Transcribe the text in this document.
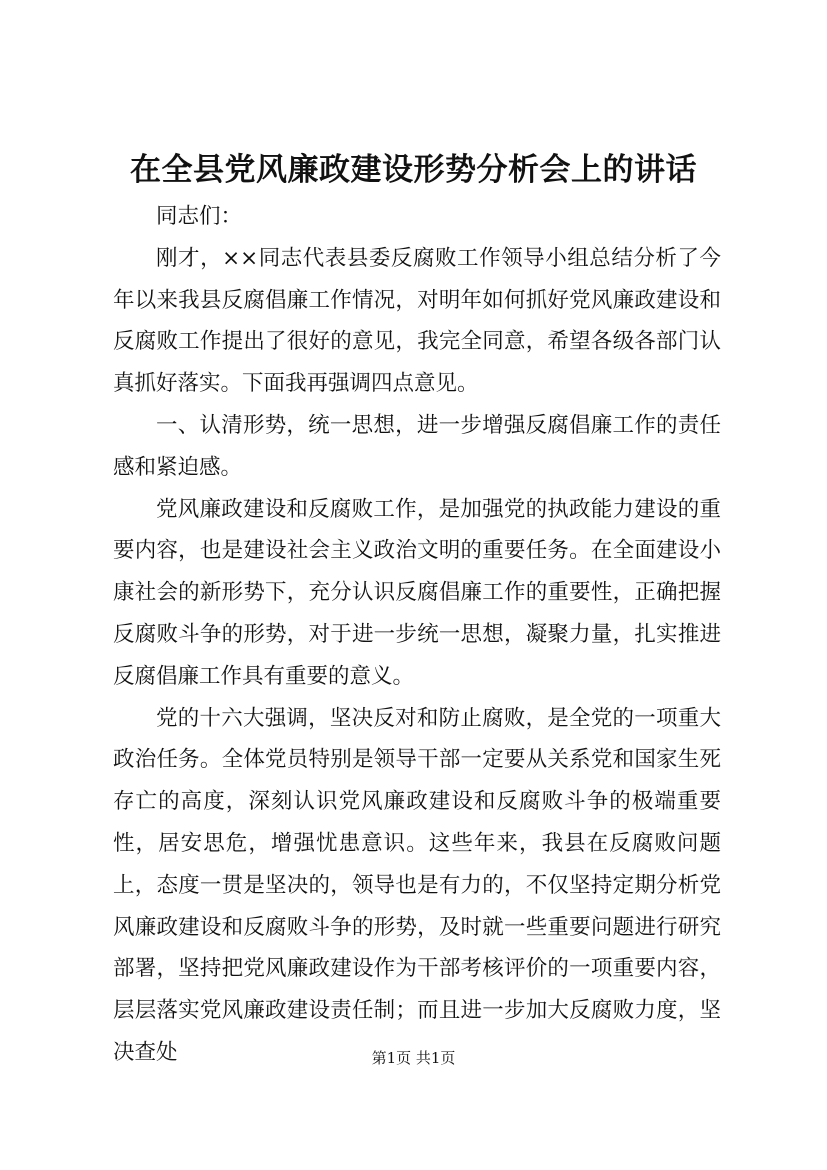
在全县党风廉政建设形势分析会上的讲话

同志们：

刚才，××同志代表县委反腐败工作领导小组总结分析了今年以来我县反腐倡廉工作情况，对明年如何抓好党风廉政建设和反腐败工作提出了很好的意见，我完全同意，希望各级各部门认真抓好落实。下面我再强调四点意见。

一、认清形势，统一思想，进一步增强反腐倡廉工作的责任感和紧迫感。

党风廉政建设和反腐败工作，是加强党的执政能力建设的重要内容，也是建设社会主义政治文明的重要任务。在全面建设小康社会的新形势下，充分认识反腐倡廉工作的重要性，正确把握反腐败斗争的形势，对于进一步统一思想，凝聚力量，扎实推进反腐倡廉工作具有重要的意义。

党的十六大强调，坚决反对和防止腐败，是全党的一项重大政治任务。全体党员特别是领导干部一定要从关系党和国家生死存亡的高度，深刻认识党风廉政建设和反腐败斗争的极端重要性，居安思危，增强忧患意识。这些年来，我县在反腐败问题上，态度一贯是坚决的，领导也是有力的，不仅坚持定期分析党风廉政建设和反腐败斗争的形势，及时就一些重要问题进行研究部署，坚持把党风廉政建设作为干部考核评价的一项重要内容，层层落实党风廉政建设责任制；而且进一步加大反腐败力度，坚决查处	第1页 共1页
